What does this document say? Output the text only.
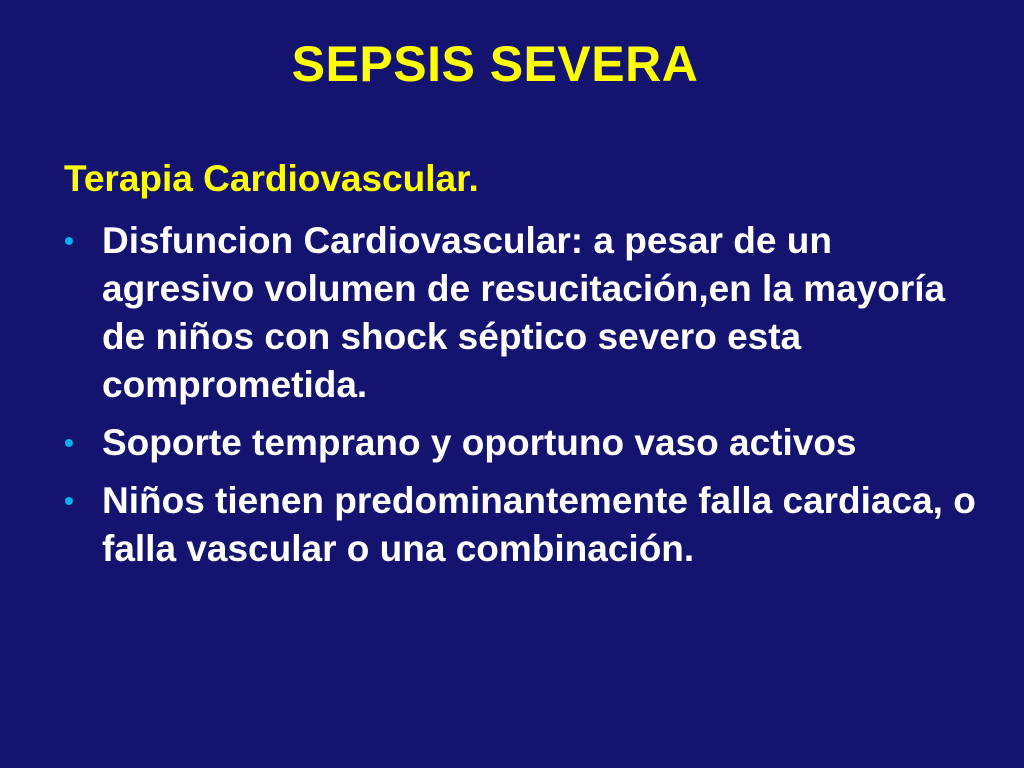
SEPSIS SEVERA
Terapia Cardiovascular.
• Disfuncion Cardiovascular: a pesar de un agresivo volumen de resucitación,en la mayoría de niños con shock séptico severo esta comprometida.
• Soporte temprano y oportuno vaso activos
• Niños tienen predominantemente falla cardiaca, o falla vascular o una combinación.
